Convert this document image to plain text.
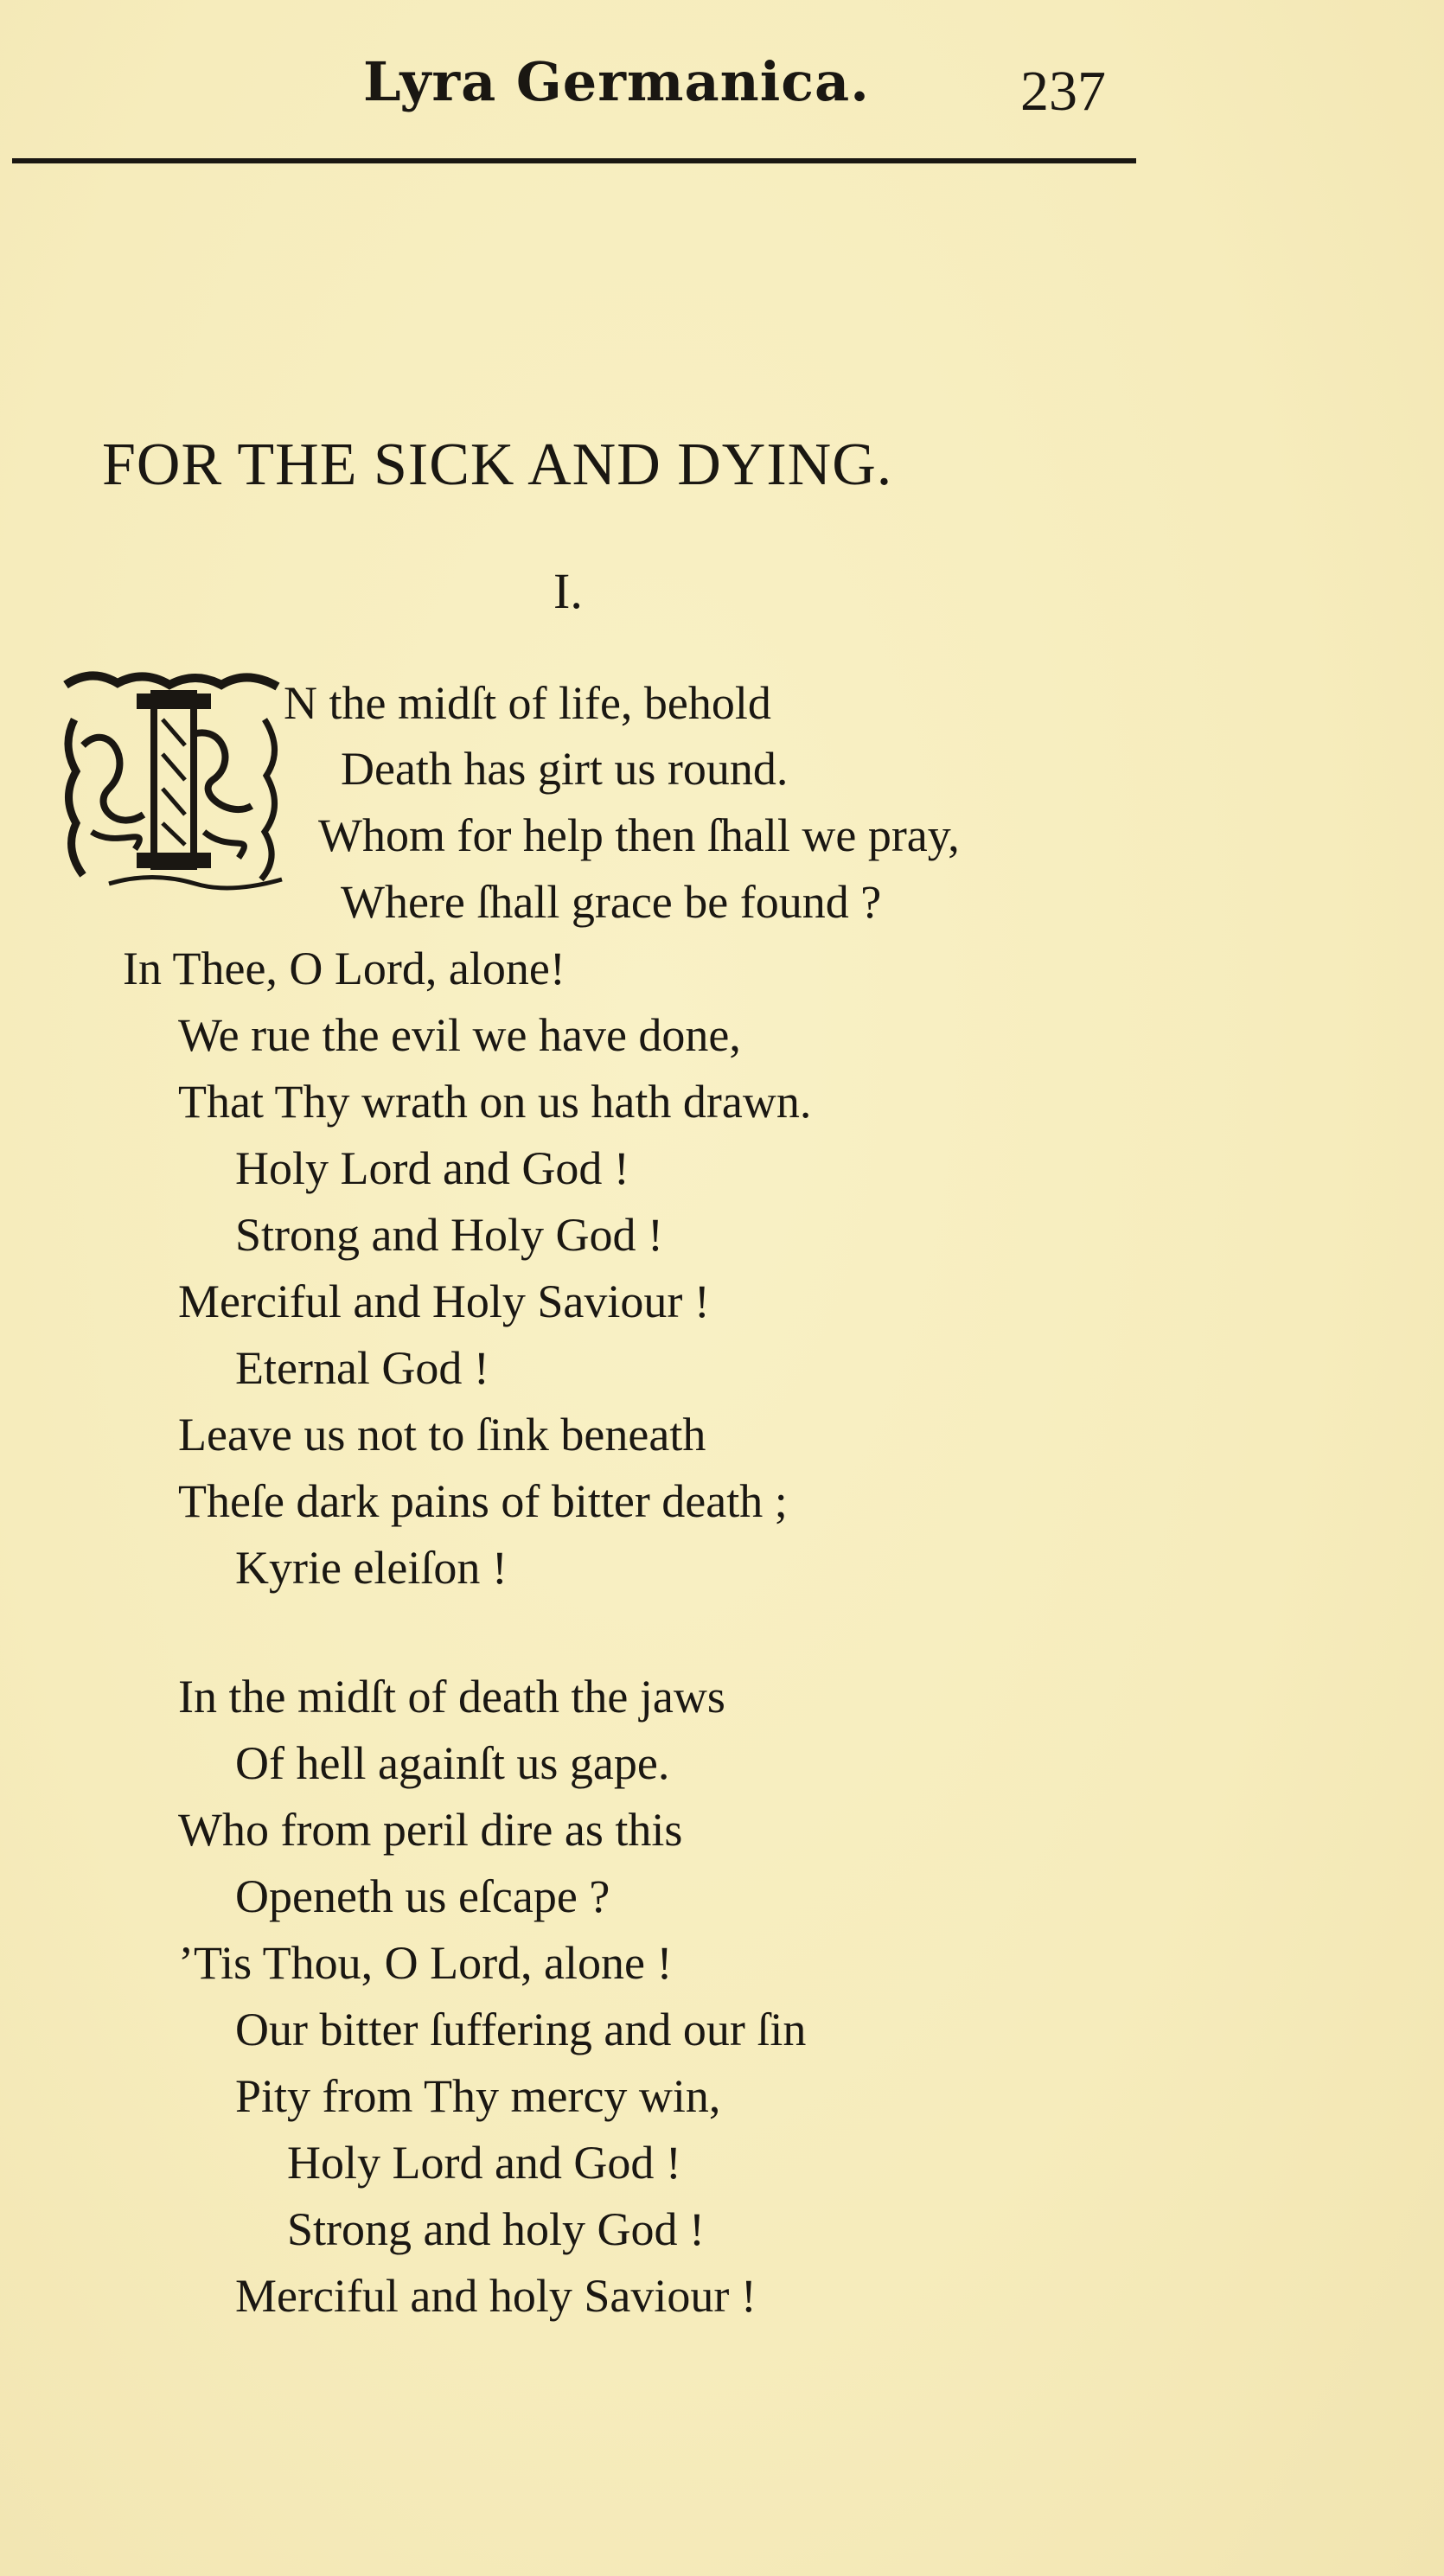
Lyra Germanica.	237
FOR THE SICK AND DYING.
I.
N the midſt of life, behold
Death has girt us round.
Whom for help then ſhall we pray,
Where ſhall grace be found ?
In Thee, O Lord, alone!
We rue the evil we have done,
That Thy wrath on us hath drawn.
Holy Lord and God !
Strong and Holy God !
Merciful and Holy Saviour !
Eternal God !
Leave us not to ſink beneath
Theſe dark pains of bitter death ;
Kyrie eleiſon !
In the midſt of death the jaws
Of hell againſt us gape.
Who from peril dire as this
Openeth us eſcape ?
’Tis Thou, O Lord, alone !
Our bitter ſuffering and our ſin
Pity from Thy mercy win,
Holy Lord and God !
Strong and holy God !
Merciful and holy Saviour !
